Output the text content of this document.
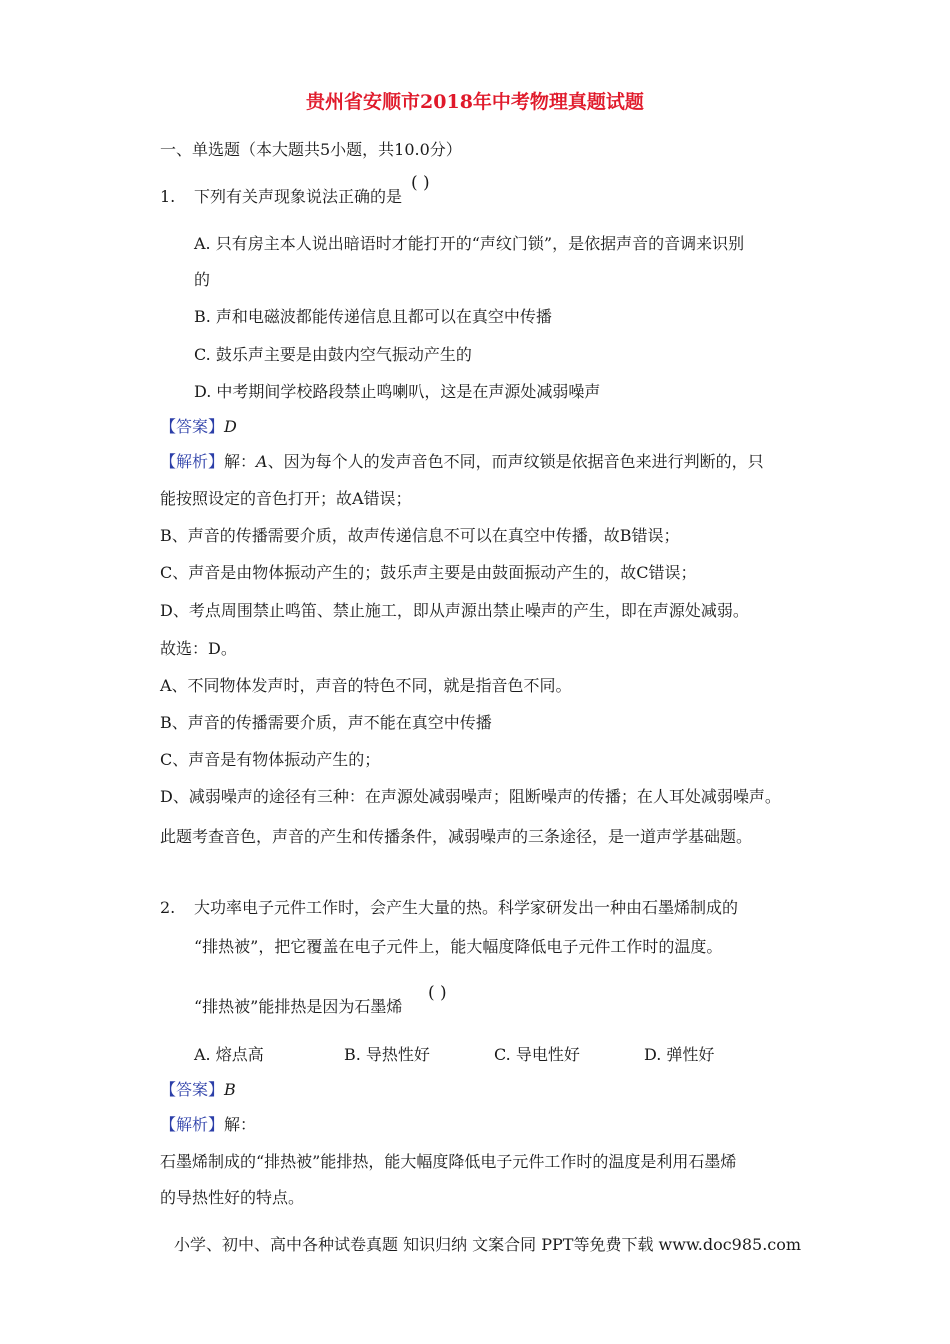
贵州省安顺市2018年中考物理真题试题
一、单选题（本大题共5小题，共10.0分）
1. 下列有关声现象说法正确的是
( )
A. 只有房主本人说出暗语时才能打开的“声纹门锁”，是依据声音的音调来识别
的
B. 声和电磁波都能传递信息且都可以在真空中传播
C. 鼓乐声主要是由鼓内空气振动产生的
D. 中考期间学校路段禁止鸣喇叭，这是在声源处减弱噪声
【答案】D
【解析】解：A、因为每个人的发声音色不同，而声纹锁是依据音色来进行判断的，只
能按照设定的音色打开；故A错误；
B、声音的传播需要介质，故声传递信息不可以在真空中传播，故B错误；
C、声音是由物体振动产生的；鼓乐声主要是由鼓面振动产生的，故C错误；
D、考点周围禁止鸣笛、禁止施工，即从声源出禁止噪声的产生，即在声源处减弱。
故选：D。
A、不同物体发声时，声音的特色不同，就是指音色不同。
B、声音的传播需要介质，声不能在真空中传播
C、声音是有物体振动产生的；
D、减弱噪声的途径有三种：在声源处减弱噪声；阻断噪声的传播；在人耳处减弱噪声。
此题考查音色，声音的产生和传播条件，减弱噪声的三条途径，是一道声学基础题。
2. 大功率电子元件工作时，会产生大量的热。科学家研发出一种由石墨烯制成的
“排热被”，把它覆盖在电子元件上，能大幅度降低电子元件工作时的温度。
“排热被”能排热是因为石墨烯
( )
A. 熔点高	B. 导热性好	C. 导电性好	D. 弹性好
【答案】B
【解析】解：
石墨烯制成的“排热被”能排热，能大幅度降低电子元件工作时的温度是利用石墨烯
的导热性好的特点。
小学、初中、高中各种试卷真题 知识归纳 文案合同 PPT等免费下载 www.doc985.com
